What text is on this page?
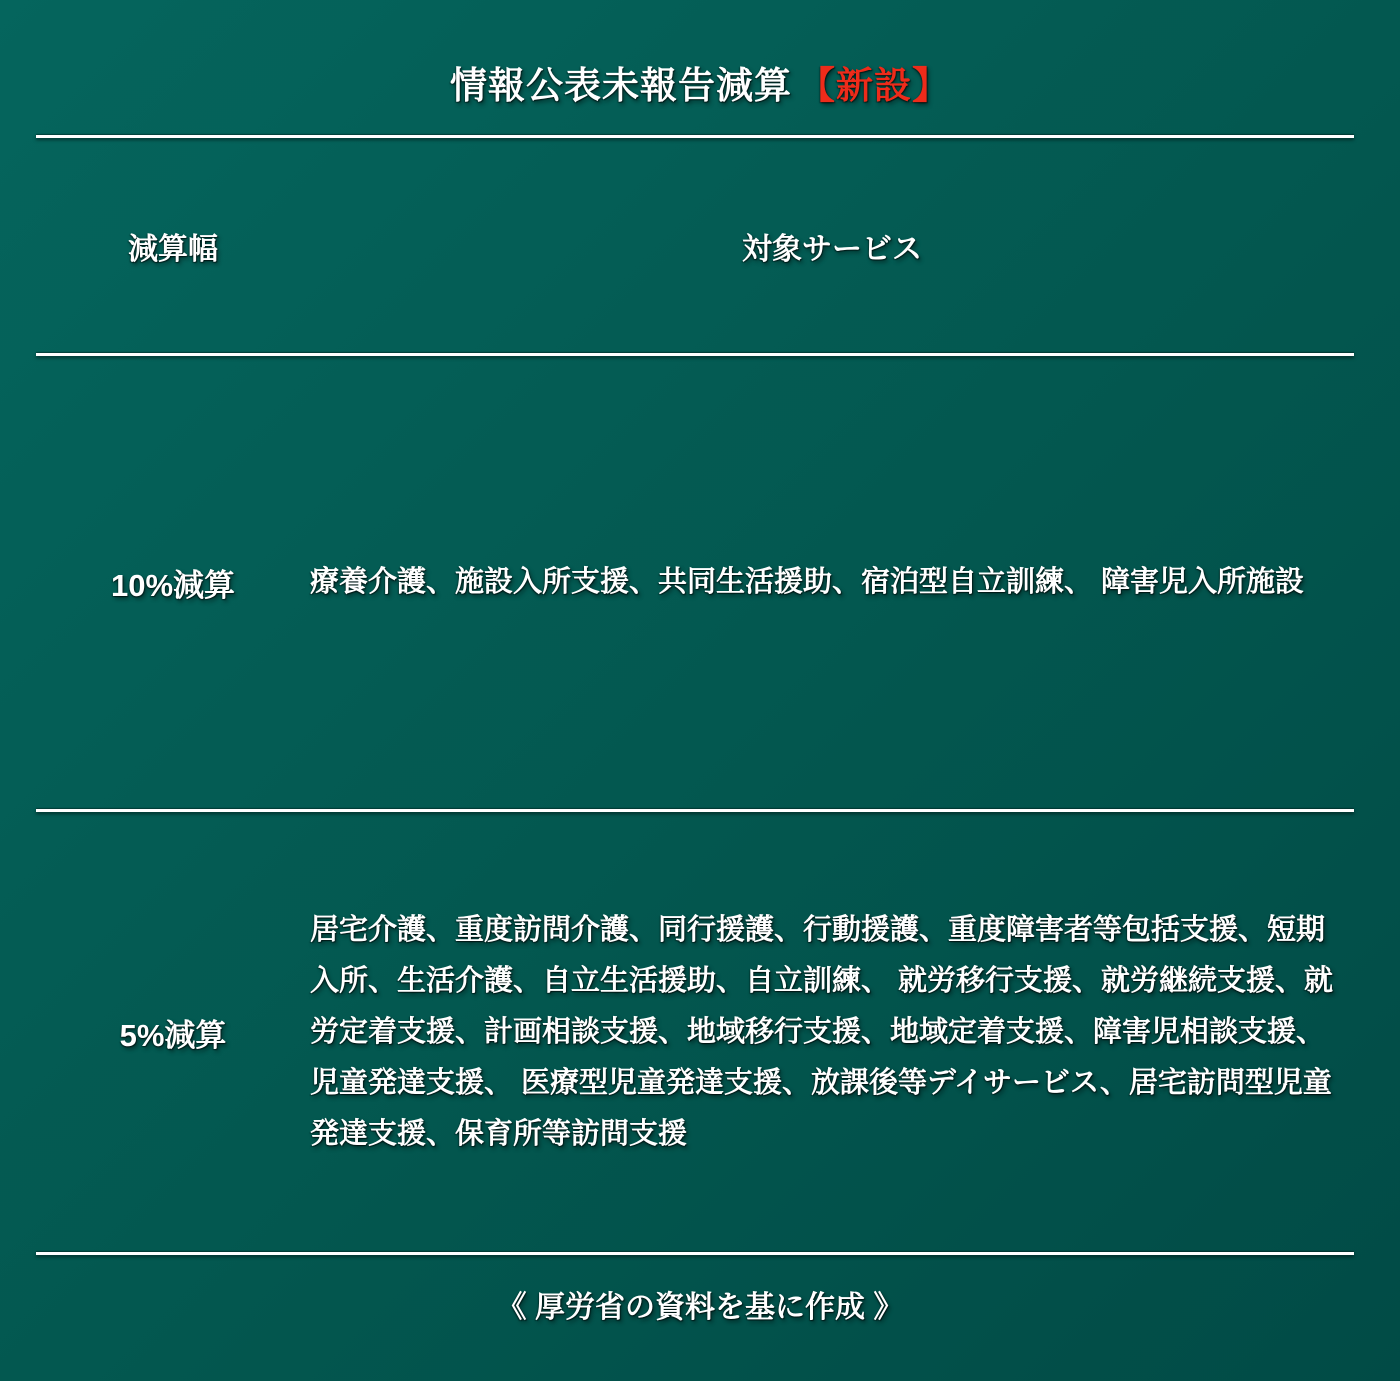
情報公表未報告減算 【新設】
減算幅	対象サービス
10%減算	療養介護、施設入所支援、共同生活援助、宿泊型自立訓練、 障害児入所施設
5%減算
居宅介護、重度訪問介護、同行援護、行動援護、重度障害者等包括支援、短期入所、生活介護、自立生活援助、自立訓練、 就労移行支援、就労継続支援、就労定着支援、計画相談支援、地域移行支援、地域定着支援、障害児相談支援、児童発達支援、 医療型児童発達支援、放課後等デイサービス、居宅訪問型児童発達支援、保育所等訪問支援
《 厚労省の資料を基に作成 》
